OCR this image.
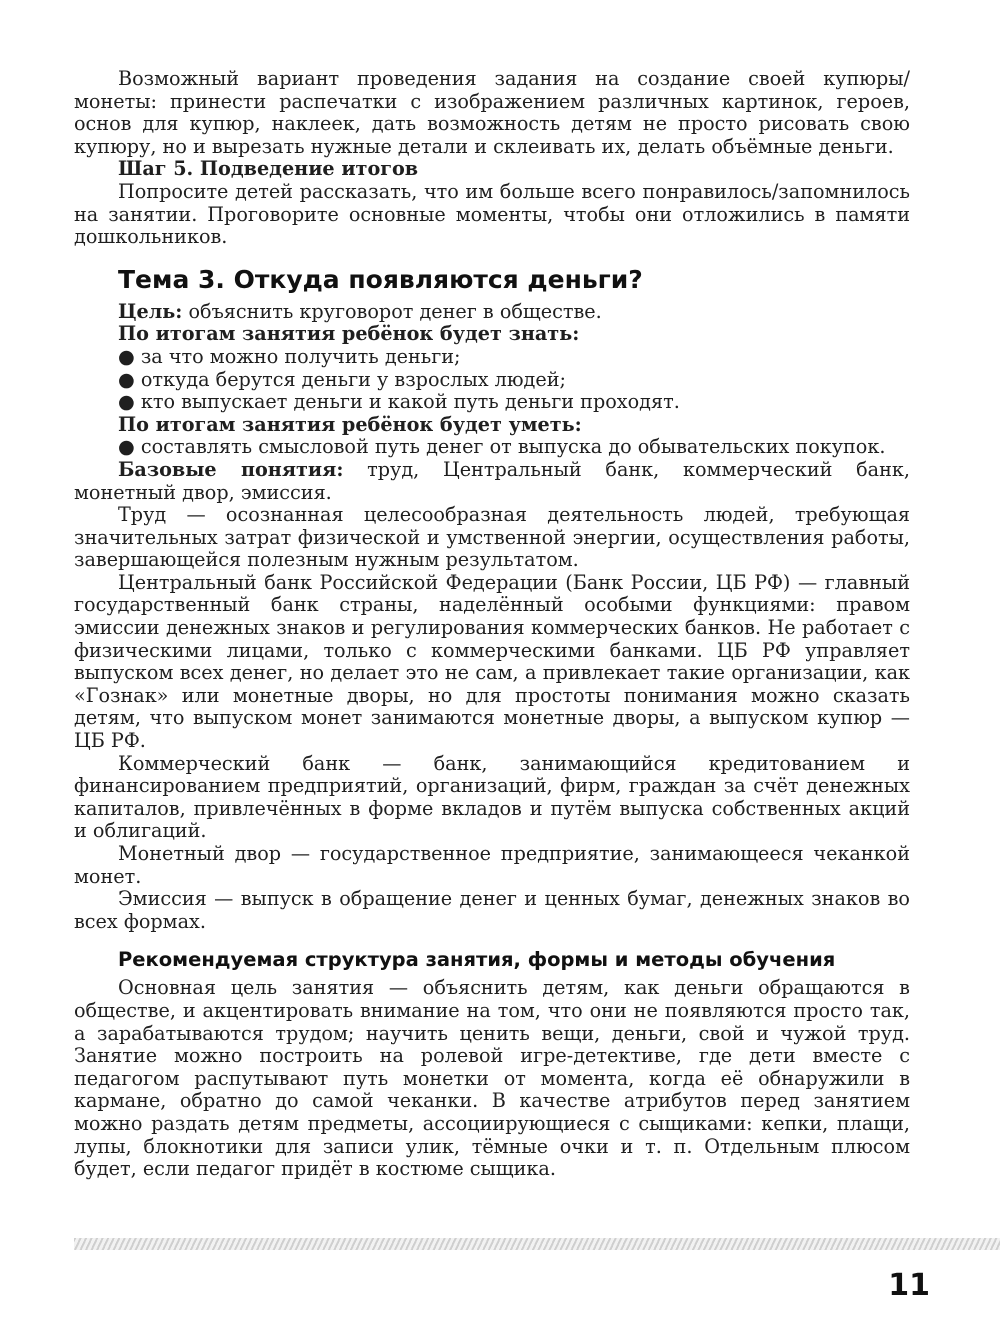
Возможный вариант проведения задания на создание своей купюры/монеты: принести распечатки с изображением различных картинок, героев, основ для купюр, наклеек, дать возможность детям не просто рисовать свою купюру, но и вырезать нужные детали и склеивать их, делать объёмные деньги.

Шаг 5. Подведение итогов

Попросите детей рассказать, что им больше всего понравилось/запомнилось на занятии. Проговорите основные моменты, чтобы они отложились в памяти дошкольников.

Тема 3. Откуда появляются деньги?

Цель: объяснить круговорот денег в обществе.

По итогам занятия ребёнок будет знать:

● за что можно получить деньги;

● откуда берутся деньги у взрослых людей;

● кто выпускает деньги и какой путь деньги проходят.

По итогам занятия ребёнок будет уметь:

● составлять смысловой путь денег от выпуска до обывательских покупок.

Базовые понятия: труд, Центральный банк, коммерческий банк, монетный двор, эмиссия.

Труд — осознанная целесообразная деятельность людей, требующая значительных затрат физической и умственной энергии, осуществления работы, завершающейся полезным нужным результатом.

Центральный банк Российской Федерации (Банк России, ЦБ РФ) — главный государственный банк страны, наделённый особыми функциями: правом эмиссии денежных знаков и регулирования коммерческих банков. Не работает с физическими лицами, только с коммерческими банками. ЦБ РФ управляет выпуском всех денег, но делает это не сам, а привлекает такие организации, как «Гознак» или монетные дворы, но для простоты понимания можно сказать детям, что выпуском монет занимаются монетные дворы, а выпуском купюр — ЦБ РФ.

Коммерческий банк — банк, занимающийся кредитованием и финансированием предприятий, организаций, фирм, граждан за счёт денежных капиталов, привлечённых в форме вкладов и путём выпуска собственных акций и облигаций.

Монетный двор — государственное предприятие, занимающееся чеканкой монет.

Эмиссия — выпуск в обращение денег и ценных бумаг, денежных знаков во всех формах.

Рекомендуемая структура занятия, формы и методы обучения

Основная цель занятия — объяснить детям, как деньги обращаются в обществе, и акцентировать внимание на том, что они не появляются просто так, а зарабатываются трудом; научить ценить вещи, деньги, свой и чужой труд. Занятие можно построить на ролевой игре-детективе, где дети вместе с педагогом распутывают путь монетки от момента, когда её обнаружили в кармане, обратно до самой чеканки. В качестве атрибутов перед занятием можно раздать детям предметы, ассоциирующиеся с сыщиками: кепки, плащи, лупы, блокнотики для записи улик, тёмные очки и т. п. Отдельным плюсом будет, если педагог придёт в костюме сыщика.

11
